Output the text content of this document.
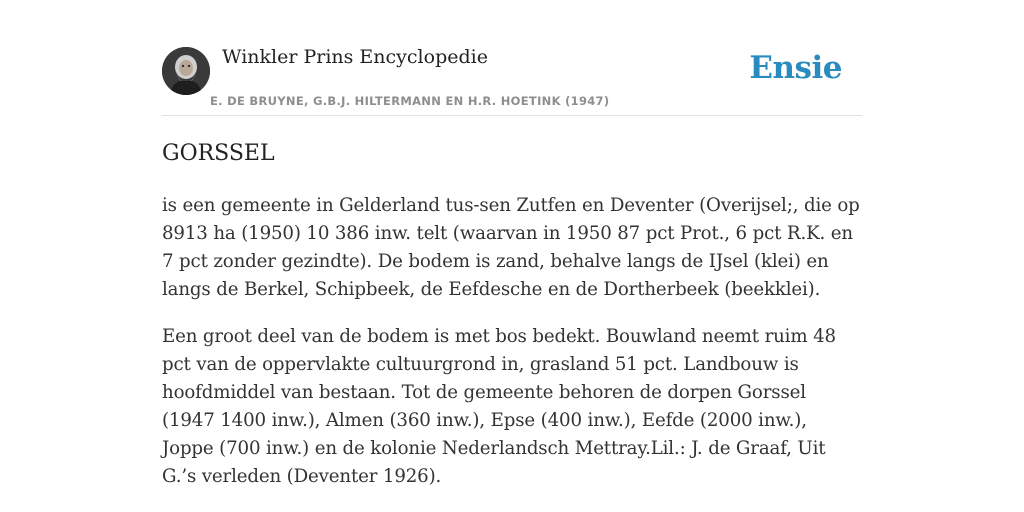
Winkler Prins Encyclopedie
E. DE BRUYNE, G.B.J. HILTERMANN EN H.R. HOETINK (1947)
Ensie
GORSSEL

is een gemeente in Gelderland tus-sen Zutfen en Deventer (Overijsel;, die op 8913 ha (1950) 10 386 inw. telt (waarvan in 1950 87 pct Prot., 6 pct R.K. en 7 pct zonder gezindte). De bodem is zand, behalve langs de IJsel (klei) en langs de Berkel, Schipbeek, de Eefdesche en de Dortherbeek (beekklei).

Een groot deel van de bodem is met bos bedekt. Bouwland neemt ruim 48 pct van de oppervlakte cultuurgrond in, grasland 51 pct. Landbouw is hoofdmiddel van bestaan. Tot de gemeente behoren de dorpen Gorssel (1947 1400 inw.), Almen (360 inw.), Epse (400 inw.), Eefde (2000 inw.), Joppe (700 inw.) en de kolonie Nederlandsch Mettray.Lil.: J. de Graaf, Uit G.’s verleden (Deventer 1926).
